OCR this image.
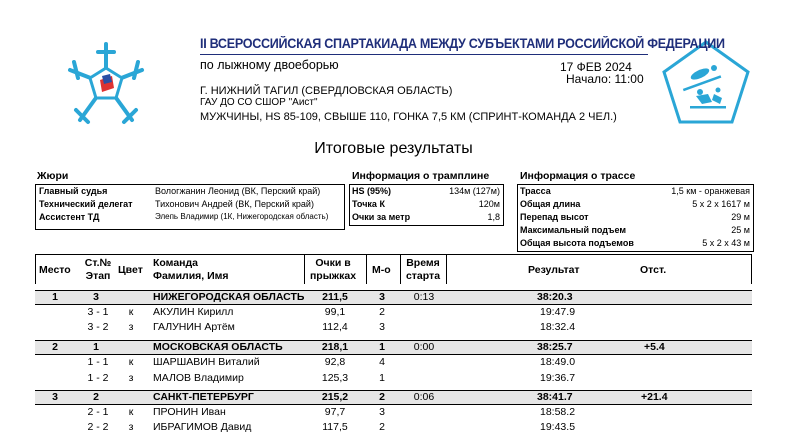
II ВСЕРОССИЙСКАЯ СПАРТАКИАДА МЕЖДУ СУБЪЕКТАМИ РОССИЙСКОЙ ФЕДЕРАЦИИ
по лыжному двоеборью	17 ФЕВ 2024
Начало: 11:00
Г. НИЖНИЙ ТАГИЛ (СВЕРДЛОВСКАЯ ОБЛАСТЬ)
ГАУ ДО СО СШОР "Аист"
МУЖЧИНЫ, HS 85-109, СВЫШЕ 110, ГОНКА 7,5 КМ (СПРИНТ-КОМАНДА 2 ЧЕЛ.)
Итоговые результаты
Жюри
Главный судья	Вологжанин Леонид (ВК, Перский край)
Технический делегат Тихонович Андрей (ВК, Перский край)
Ассистент ТД	Элепь Владимир (1К, Нижегородская область)
Информация о трамплине
HS (95%)	134м (127м)
Точка К	120м
Очки за метр	1,8
Информация о трассе
Трасса	1,5 км - оранжевая
Общая длина	5 х 2 х 1617 м
Перепад высот	29 м
Максимальный подъем	25 м
Общая высота подъемов	5 х 2 х 43 м
Место
Ст.№
Этап Цвет
Команда
Фамилия, Имя
Очки в
прыжках	М-о
Время
старта	Результат	Отст.
1	3	НИЖЕГОРОДСКАЯ ОБЛАСТЬ	211,5	3	0:13	38:20.3
3 - 1	к	АКУЛИН Кирилл	99,1	2	19:47.9
3 - 2	з	ГАЛУНИН Артём	112,4	3	18:32.4
2	1	МОСКОВСКАЯ ОБЛАСТЬ	218,1	1	0:00	38:25.7	+5.4
1 - 1	к	ШАРШАВИН Виталий	92,8	4	18:49.0
1 - 2	з	МАЛОВ Владимир	125,3	1	19:36.7
3	2	САНКТ-ПЕТЕРБУРГ	215,2	2	0:06	38:41.7	+21.4
2 - 1	к	ПРОНИН Иван	97,7	3	18:58.2
2 - 2	з	ИБРАГИМОВ Давид	117,5	2	19:43.5
